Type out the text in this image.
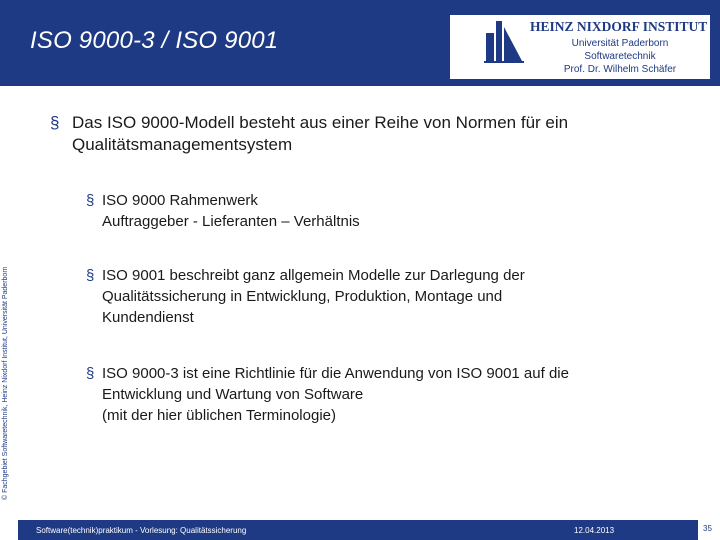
ISO 9000-3 / ISO 9001
HEINZ NIXDORF INSTITUT
Universität Paderborn
Softwaretechnik
Prof. Dr. Wilhelm Schäfer
© Fachgebiet Softwaretechnik, Heinz Nixdorf Institut, Universität Paderborn
§ Das ISO 9000-Modell besteht aus einer Reihe von Normen für ein Qualitätsmanagementsystem
§ ISO 9000 Rahmenwerk
Auftraggeber - Lieferanten – Verhältnis
§ ISO 9001 beschreibt ganz allgemein Modelle zur Darlegung der
Qualitätssicherung in Entwicklung, Produktion, Montage und
Kundendienst
§ ISO 9000-3 ist eine Richtlinie für die Anwendung von ISO 9001 auf die
Entwicklung und Wartung von Software
(mit der hier üblichen Terminologie)
Software(technik)praktikum - Vorlesung: Qualitätssicherung	12.04.2013	35
